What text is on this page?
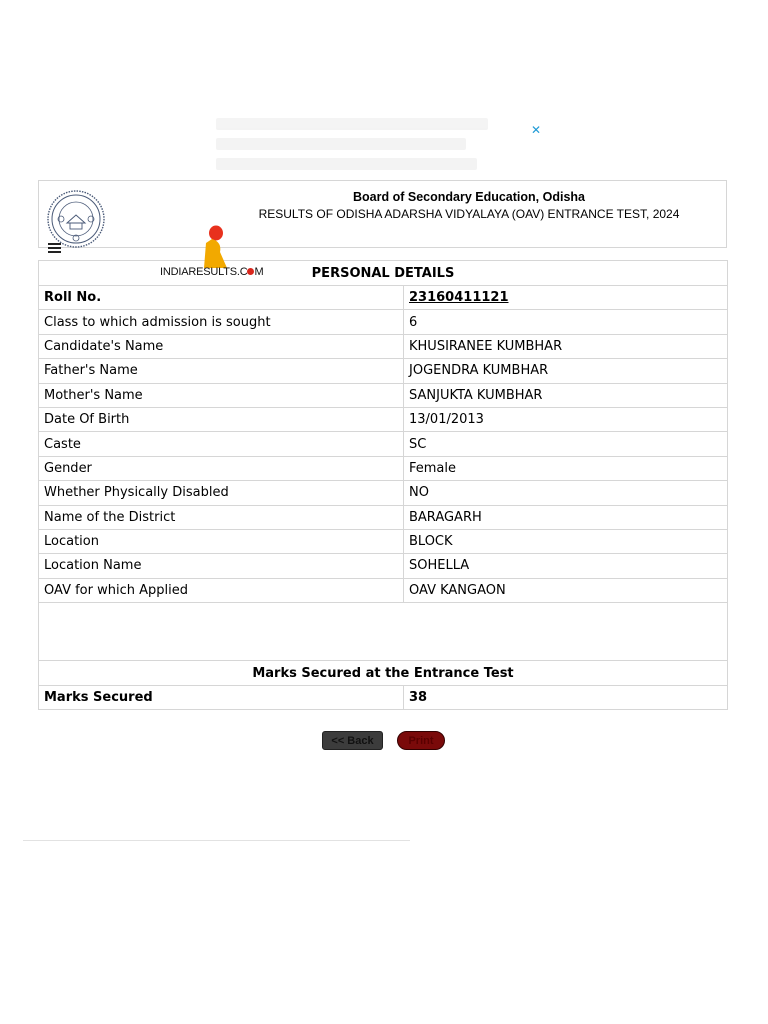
✕
Board of Secondary Education, Odisha
RESULTS OF ODISHA ADARSHA VIDYALAYA (OAV) ENTRANCE TEST, 2024
PERSONAL DETAILS	
Roll No.	23160411121
Class to which admission is sought	6
Candidate's Name	KHUSIRANEE KUMBHAR
Father's Name	JOGENDRA KUMBHAR
Mother's Name	SANJUKTA KUMBHAR
Date Of Birth	13/01/2013
Caste	SC
Gender	Female
Whether Physically Disabled	NO
Name of the District	BARAGARH
Location	BLOCK
Location Name	SOHELLA
OAV for which Applied	OAV KANGAON

Marks Secured at the Entrance Test	
Marks Secured	38
INDIARESULTS.C M
<< Back	Print
